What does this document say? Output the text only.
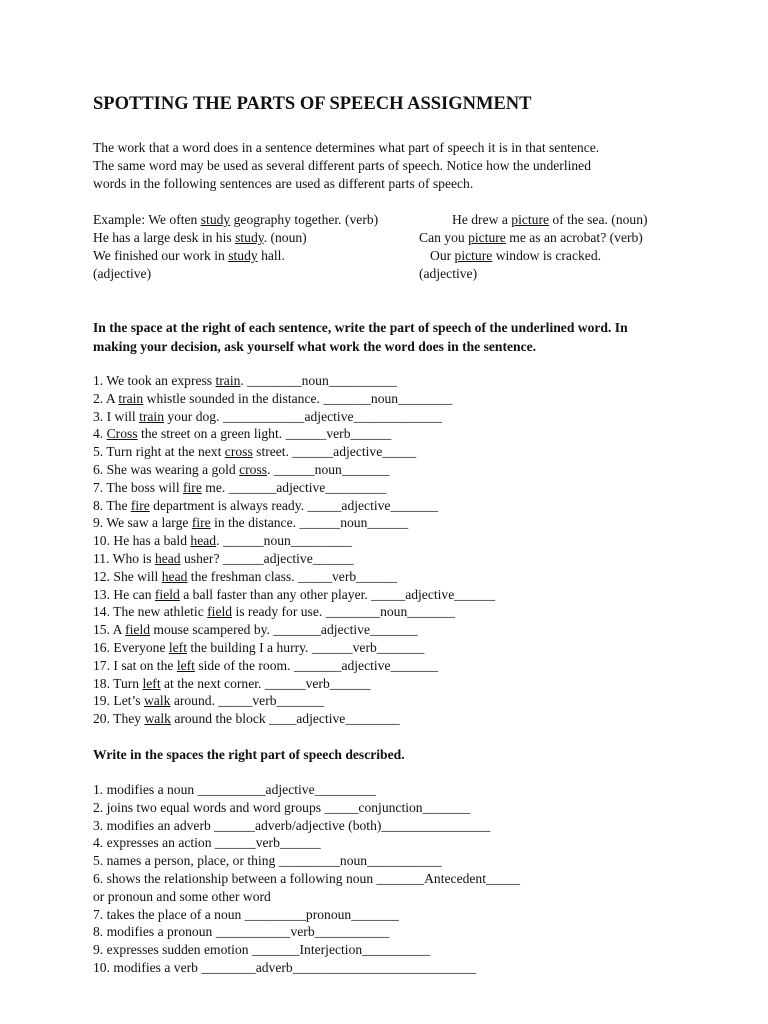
SPOTTING THE PARTS OF SPEECH ASSIGNMENT
The work that a word does in a sentence determines what part of speech it is in that sentence.
The same word may be used as several different parts of speech. Notice how the underlined
words in the following sentences are used as different parts of speech.
Example: We often study geography together. (verb)	He drew a picture of the sea. (noun)
He has a large desk in his study. (noun)	Can you picture me as an acrobat? (verb)
We finished our work in study hall.	Our picture window is cracked.
(adjective)	(adjective)
In the space at the right of each sentence, write the part of speech of the underlined word. In making your decision, ask yourself what work the word does in the sentence.
1. We took an express train. ________noun__________
2. A train whistle sounded in the distance. _______noun________
3. I will train your dog. ____________adjective_____________
4. Cross the street on a green light. ______verb______
5. Turn right at the next cross street. ______adjective_____
6. She was wearing a gold cross. ______noun_______
7. The boss will fire me. _______adjective_________
8. The fire department is always ready. _____adjective_______
9. We saw a large fire in the distance. ______noun______
10. He has a bald head. ______noun_________
11. Who is head usher? ______adjective______
12. She will head the freshman class. _____verb______
13. He can field a ball faster than any other player. _____adjective______
14. The new athletic field is ready for use. ________noun_______
15. A field mouse scampered by. _______adjective_______
16. Everyone left the building I a hurry. ______verb_______
17. I sat on the left side of the room. _______adjective_______
18. Turn left at the next corner. ______verb______
19. Let’s walk around. _____verb_______
20. They walk around the block ____adjective________
Write in the spaces the right part of speech described.
1. modifies a noun __________adjective_________
2. joins two equal words and word groups _____conjunction_______
3. modifies an adverb ______adverb/adjective (both)________________
4. expresses an action ______verb______
5. names a person, place, or thing _________noun___________
6. shows the relationship between a following noun _______Antecedent_____
or pronoun and some other word
7. takes the place of a noun _________pronoun_______
8. modifies a pronoun ___________verb___________
9. expresses sudden emotion _______Interjection__________
10. modifies a verb ________adverb___________________________
